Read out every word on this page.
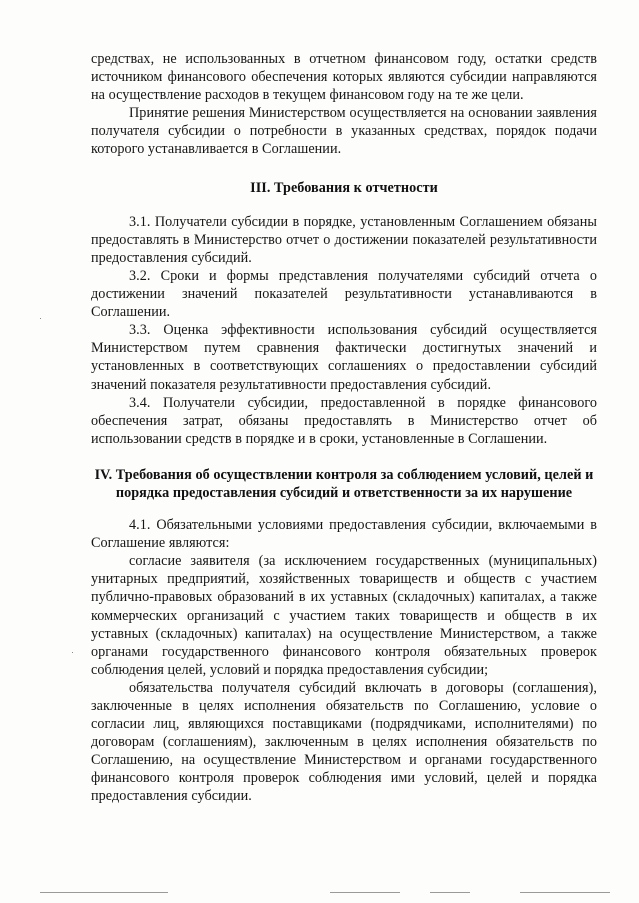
средствах, не использованных в отчетном финансовом году, остатки средств источником финансового обеспечения которых являются субсидии направляются на осуществление расходов в текущем финансовом году на те же цели.

Принятие решения Министерством осуществляется на основании заявления получателя субсидии о потребности в указанных средствах, порядок подачи которого устанавливается в Соглашении.

III. Требования к отчетности

3.1. Получатели субсидии в порядке, установленным Соглашением обязаны предоставлять в Министерство отчет о достижении показателей результативности предоставления субсидий.

3.2. Сроки и формы представления получателями субсидий отчета о достижении значений показателей результативности устанавливаются в Соглашении.

3.3. Оценка эффективности использования субсидий осуществляется Министерством путем сравнения фактически достигнутых значений и установленных в соответствующих соглашениях о предоставлении субсидий значений показателя результативности предоставления субсидий.

3.4. Получатели субсидии, предоставленной в порядке финансового обеспечения затрат, обязаны предоставлять в Министерство отчет об использовании средств в порядке и в сроки, установленные в Соглашении.

IV. Требования об осуществлении контроля за соблюдением условий, целей и порядка предоставления субсидий и ответственности за их нарушение

4.1. Обязательными условиями предоставления субсидии, включаемыми в Соглашение являются:

согласие заявителя (за исключением государственных (муниципальных) унитарных предприятий, хозяйственных товариществ и обществ с участием публично-правовых образований в их уставных (складочных) капиталах, а также коммерческих организаций с участием таких товариществ и обществ в их уставных (складочных) капиталах) на осуществление Министерством, а также органами государственного финансового контроля обязательных проверок соблюдения целей, условий и порядка предоставления субсидии;

обязательства получателя субсидий включать в договоры (соглашения), заключенные в целях исполнения обязательств по Соглашению, условие о согласии лиц, являющихся поставщиками (подрядчиками, исполнителями) по договорам (соглашениям), заключенным в целях исполнения обязательств по Соглашению, на осуществление Министерством и органами государственного финансового контроля проверок соблюдения ими условий, целей и порядка предоставления субсидии.
